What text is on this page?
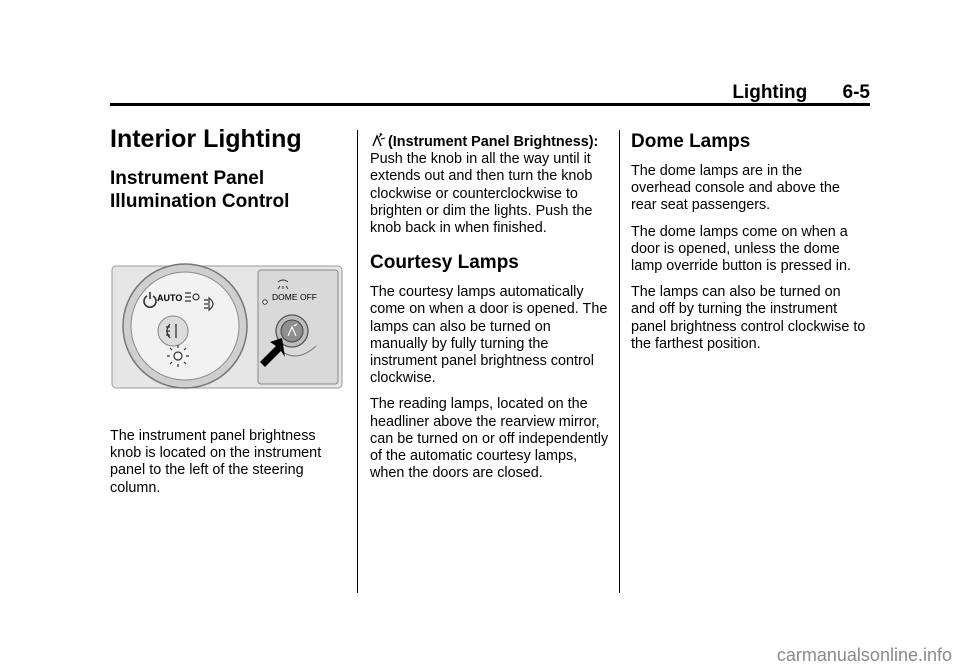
Lighting 6-5
Interior Lighting
Instrument Panel Illumination Control
AUTO	DOME OFF

The instrument panel brightness knob is located on the instrument panel to the left of the steering column.

(Instrument Panel Brightness): Push the knob in all the way until it extends out and then turn the knob clockwise or counterclockwise to brighten or dim the lights. Push the knob back in when finished.

Courtesy Lamps

The courtesy lamps automatically come on when a door is opened. The lamps can also be turned on manually by fully turning the instrument panel brightness control clockwise.

The reading lamps, located on the headliner above the rearview mirror, can be turned on or off independently of the automatic courtesy lamps, when the doors are closed.

Dome Lamps

The dome lamps are in the overhead console and above the rear seat passengers.

The dome lamps come on when a door is opened, unless the dome lamp override button is pressed in.

The lamps can also be turned on and off by turning the instrument panel brightness control clockwise to the farthest position.

carmanualsonline.info
